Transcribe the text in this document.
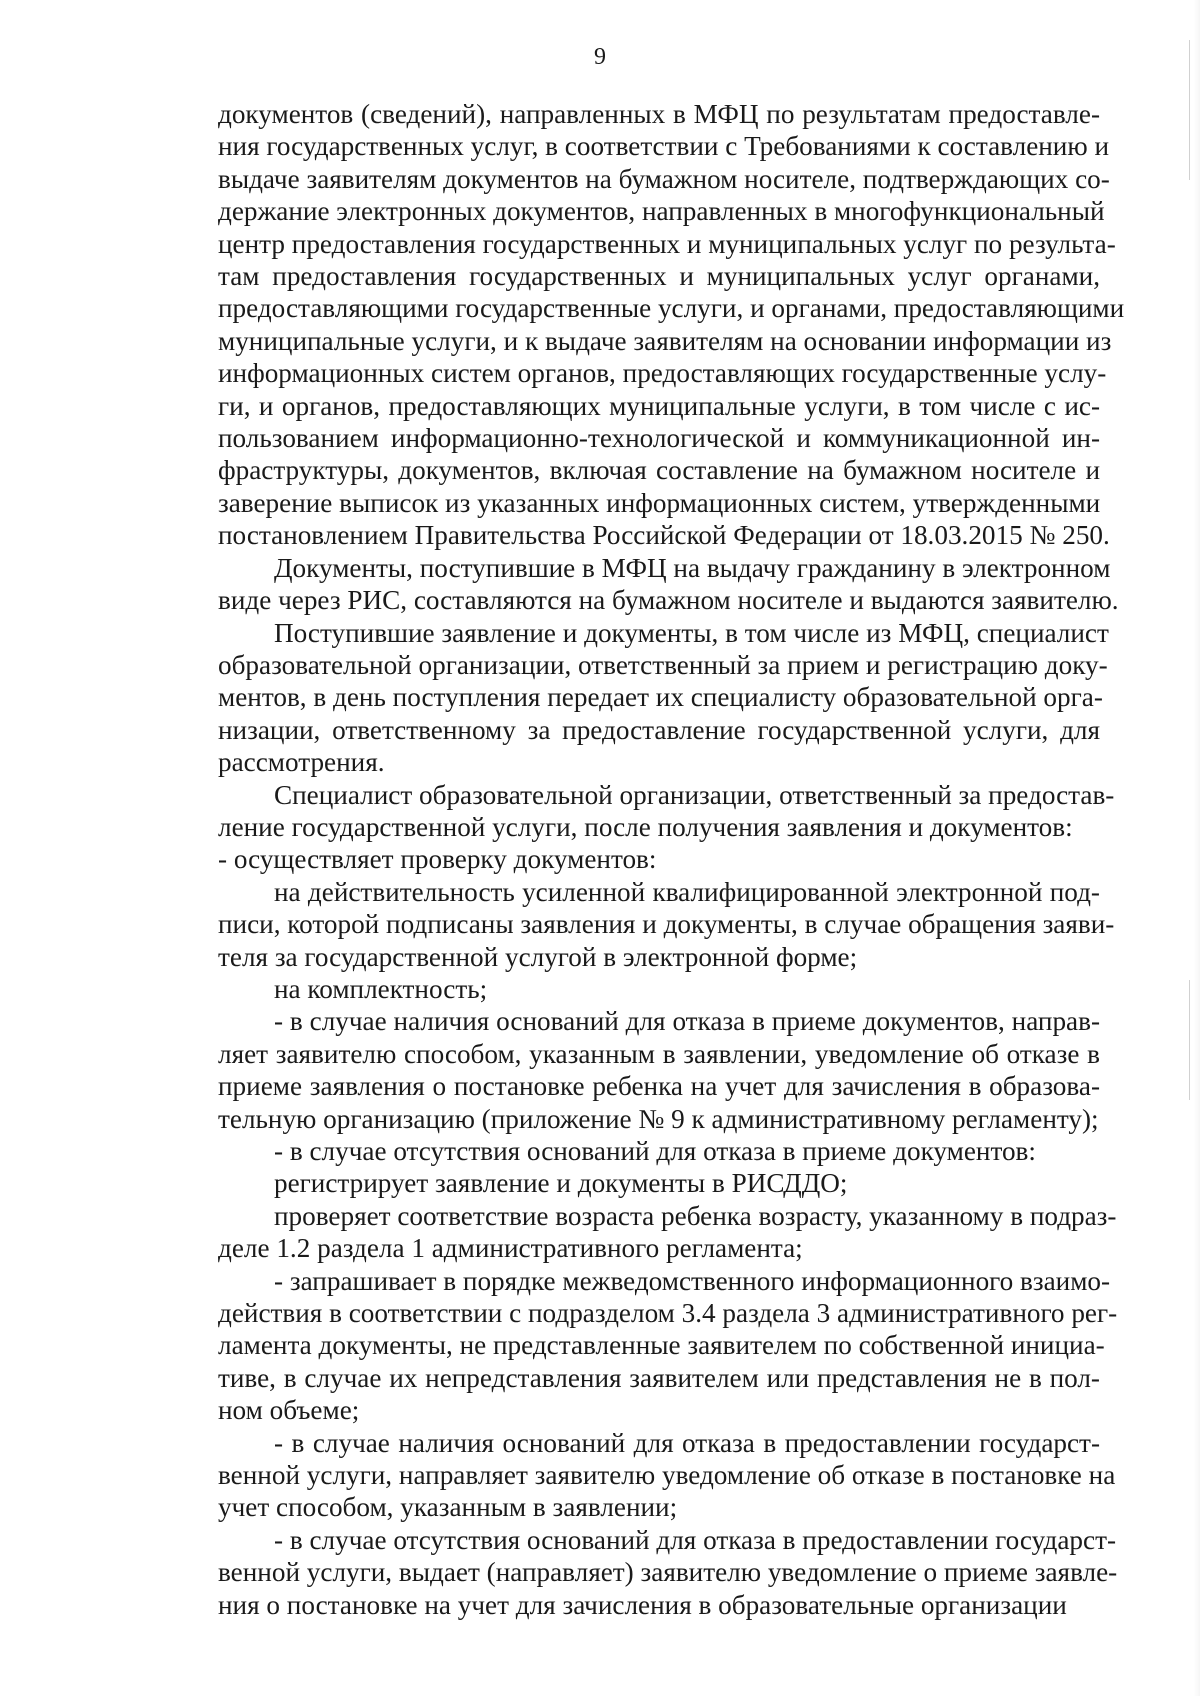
9
документов (сведений), направленных в МФЦ по результатам предоставле-
ния государственных услуг, в соответствии с Требованиями к составлению и
выдаче заявителям документов на бумажном носителе, подтверждающих со-
держание электронных документов, направленных в многофункциональный
центр предоставления государственных и муниципальных услуг по результа-
там предоставления государственных и муниципальных услуг органами,
предоставляющими государственные услуги, и органами, предоставляющими
муниципальные услуги, и к выдаче заявителям на основании информации из
информационных систем органов, предоставляющих государственные услу-
ги, и органов, предоставляющих муниципальные услуги, в том числе с ис-
пользованием информационно-технологической и коммуникационной ин-
фраструктуры, документов, включая составление на бумажном носителе и
заверение выписок из указанных информационных систем, утвержденными
постановлением Правительства Российской Федерации от 18.03.2015 № 250.
Документы, поступившие в МФЦ на выдачу гражданину в электронном
виде через РИС, составляются на бумажном носителе и выдаются заявителю.
Поступившие заявление и документы, в том числе из МФЦ, специалист
образовательной организации, ответственный за прием и регистрацию доку-
ментов, в день поступления передает их специалисту образовательной орга-
низации, ответственному за предоставление государственной услуги, для
рассмотрения.
Специалист образовательной организации, ответственный за предостав-
ление государственной услуги, после получения заявления и документов:
- осуществляет проверку документов:
на действительность усиленной квалифицированной электронной под-
писи, которой подписаны заявления и документы, в случае обращения заяви-
теля за государственной услугой в электронной форме;
на комплектность;
- в случае наличия оснований для отказа в приеме документов, направ-
ляет заявителю способом, указанным в заявлении, уведомление об отказе в
приеме заявления о постановке ребенка на учет для зачисления в образова-
тельную организацию (приложение № 9 к административному регламенту);
- в случае отсутствия оснований для отказа в приеме документов:
регистрирует заявление и документы в РИСДДО;
проверяет соответствие возраста ребенка возрасту, указанному в подраз-
деле 1.2 раздела 1 административного регламента;
- запрашивает в порядке межведомственного информационного взаимо-
действия в соответствии с подразделом 3.4 раздела 3 административного рег-
ламента документы, не представленные заявителем по собственной инициа-
тиве, в случае их непредставления заявителем или представления не в пол-
ном объеме;
- в случае наличия оснований для отказа в предоставлении государст-
венной услуги, направляет заявителю уведомление об отказе в постановке на
учет способом, указанным в заявлении;
- в случае отсутствия оснований для отказа в предоставлении государст-
венной услуги, выдает (направляет) заявителю уведомление о приеме заявле-
ния о постановке на учет для зачисления в образовательные организации
